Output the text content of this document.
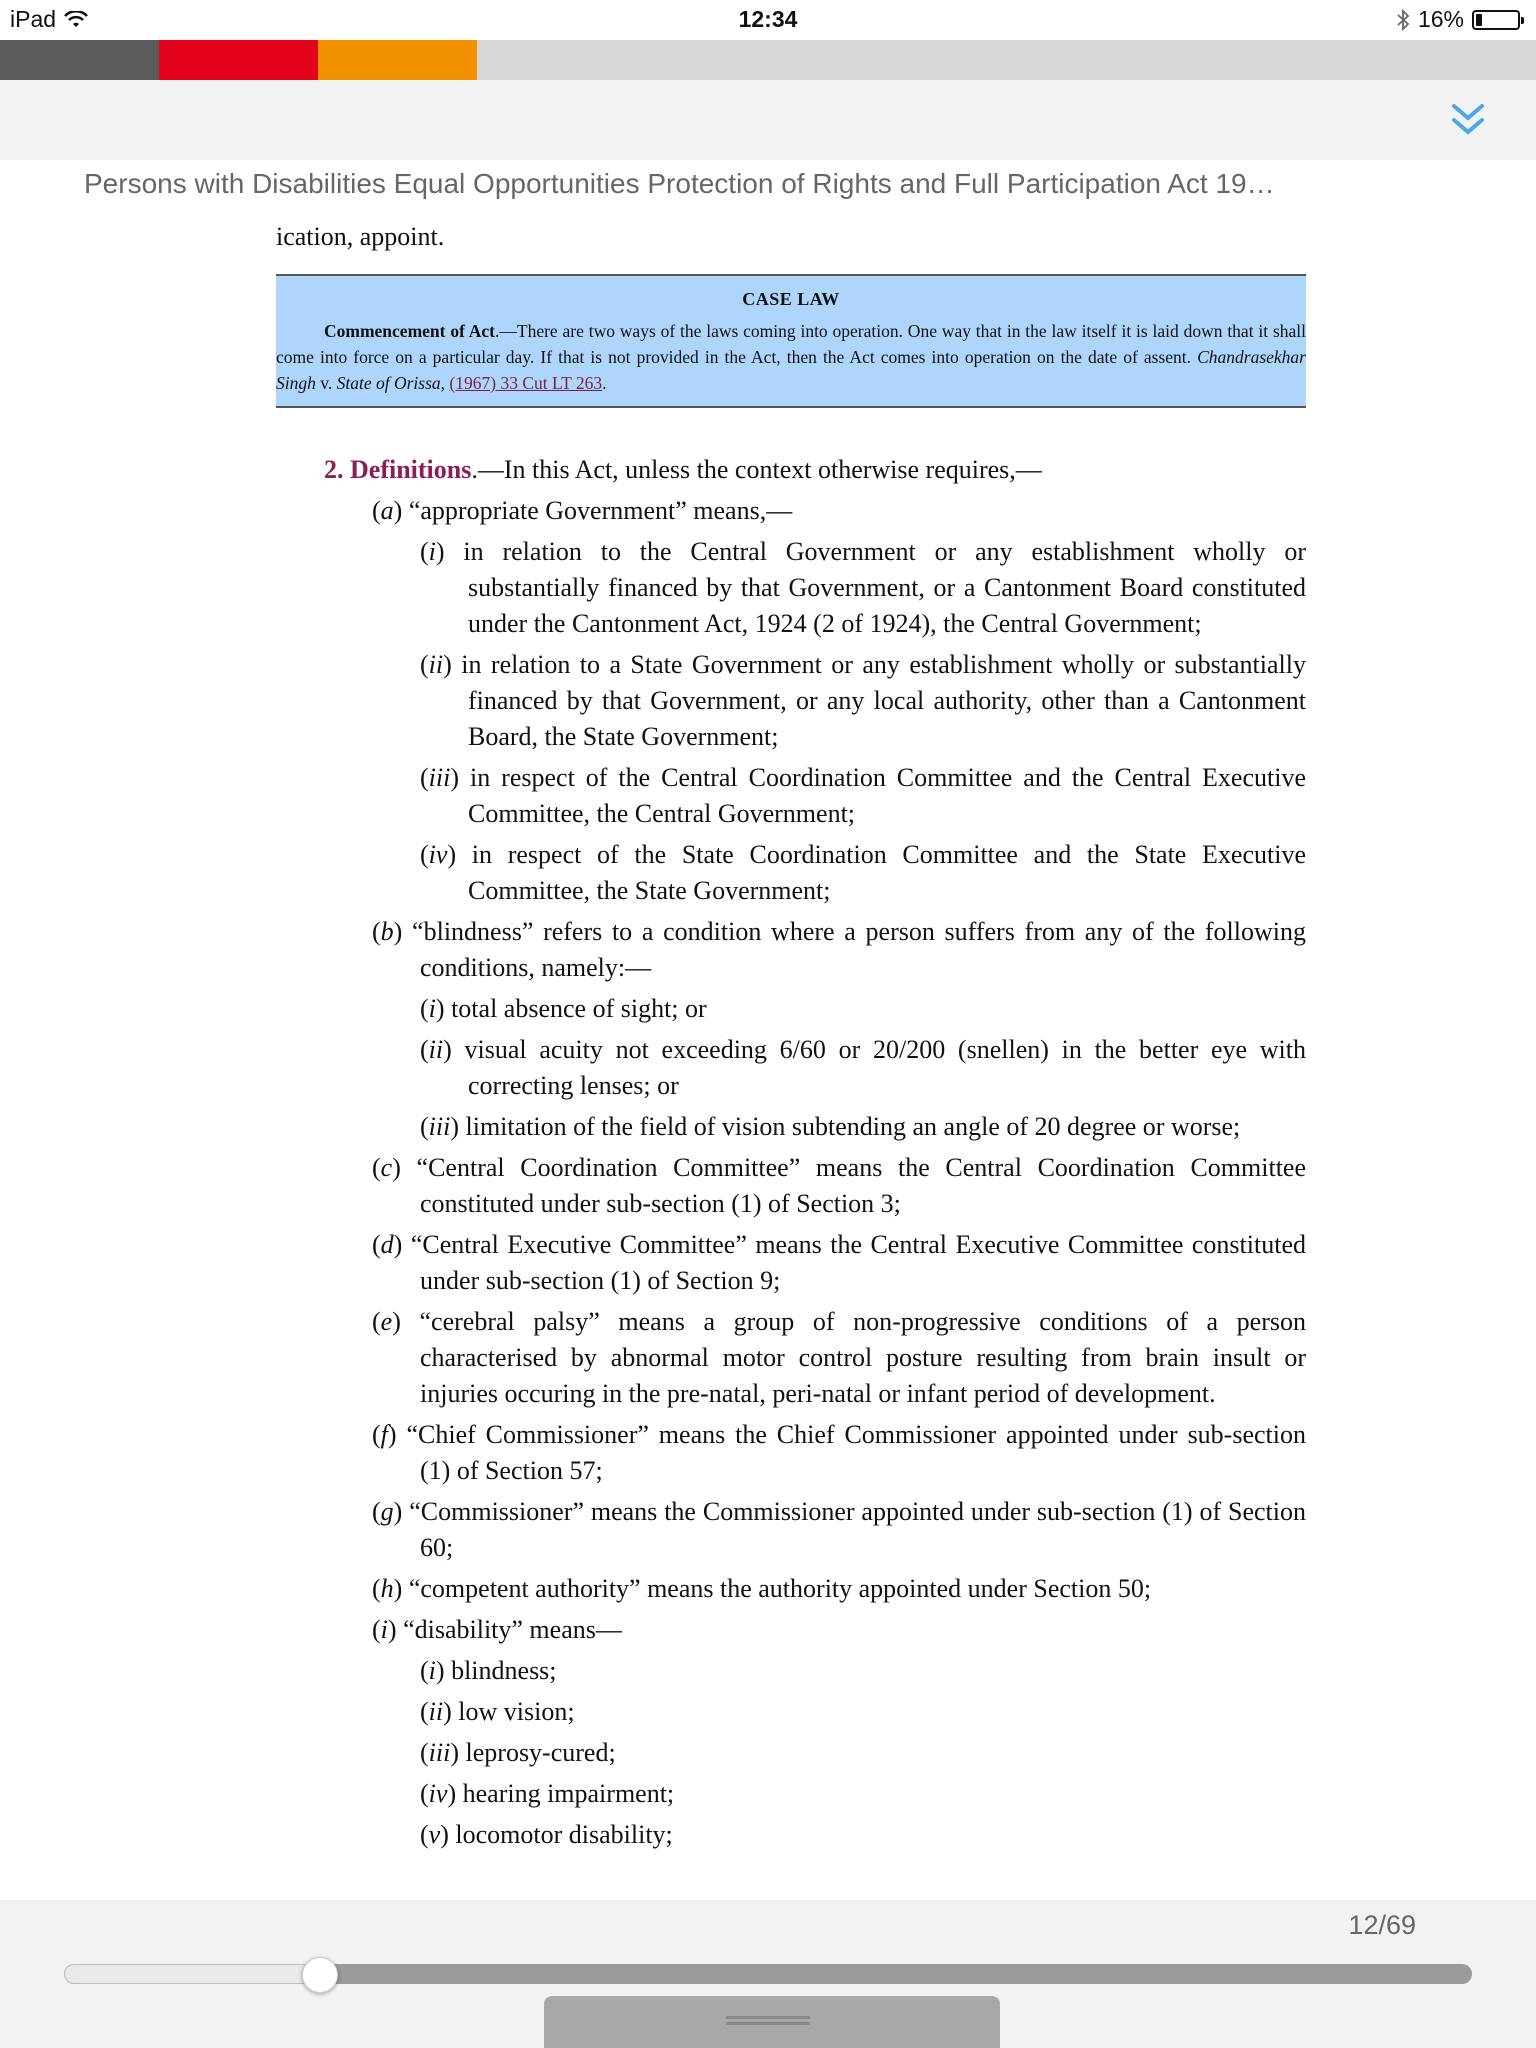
iPad	12:34	16%
Persons with Disabilities Equal Opportunities Protection of Rights and Full Participation Act 19…

ication, appoint.

CASE LAW
Commencement of Act.—There are two ways of the laws coming into operation. One way that in the law itself it is laid down that it shall come into force on a particular day. If that is not provided in the Act, then the Act comes into operation on the date of assent. Chandrasekhar Singh v. State of Orissa, (1967) 33 Cut LT 263.
2. Definitions.—In this Act, unless the context otherwise requires,—
(a) “appropriate Government” means,—
(i) in relation to the Central Government or any establishment wholly or substantially financed by that Government, or a Cantonment Board constituted under the Cantonment Act, 1924 (2 of 1924), the Central Government;
(ii) in relation to a State Government or any establishment wholly or substantially financed by that Government, or any local authority, other than a Cantonment Board, the State Government;
(iii) in respect of the Central Coordination Committee and the Central Executive Committee, the Central Government;
(iv) in respect of the State Coordination Committee and the State Executive Committee, the State Government;
(b) “blindness” refers to a condition where a person suffers from any of the following conditions, namely:—
(i) total absence of sight; or
(ii) visual acuity not exceeding 6/60 or 20/200 (snellen) in the better eye with correcting lenses; or
(iii) limitation of the field of vision subtending an angle of 20 degree or worse;
(c) “Central Coordination Committee” means the Central Coordination Committee constituted under sub-section (1) of Section 3;
(d) “Central Executive Committee” means the Central Executive Committee constituted under sub-section (1) of Section 9;
(e) “cerebral palsy” means a group of non-progressive conditions of a person characterised by abnormal motor control posture resulting from brain insult or injuries occuring in the pre-natal, peri-natal or infant period of development.
(f) “Chief Commissioner” means the Chief Commissioner appointed under sub-section (1) of Section 57;
(g) “Commissioner” means the Commissioner appointed under sub-section (1) of Section 60;
(h) “competent authority” means the authority appointed under Section 50;
(i) “disability” means—
(i) blindness;
(ii) low vision;
(iii) leprosy-cured;
(iv) hearing impairment;
(v) locomotor disability;
12/69
